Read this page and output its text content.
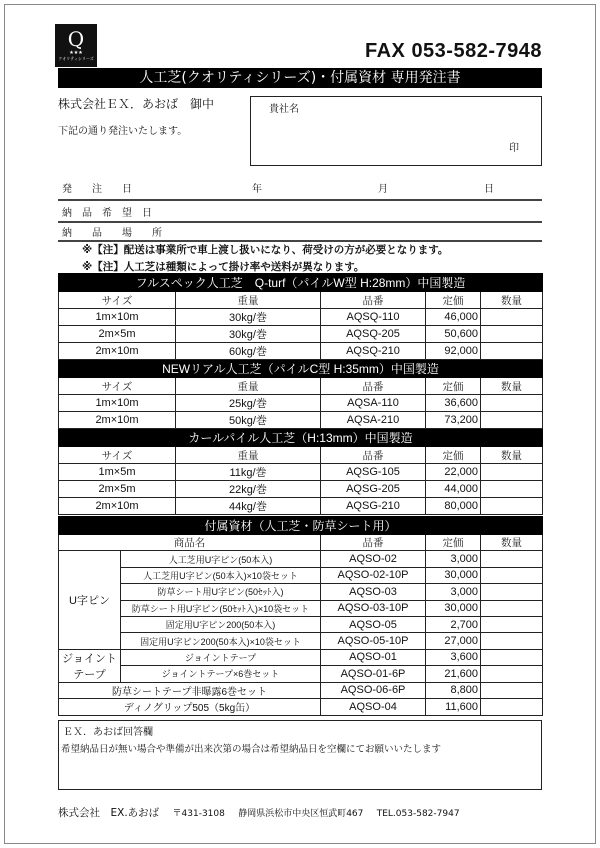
Q
★★★
クオリティシリーズ	FAX 053-582-7948
人工芝(クオリティシリーズ)・付属資材 専用発注書
株式会社ＥＸ．あおば　御中
下記の通り発注いたします。
貴社名
印
発　　注　　日	年	月	日
納　品　希　望　日
納　　品　　場　　所
※【注】配送は事業所で車上渡し扱いになり、荷受けの方が必要となります。
※【注】人工芝は種類によって掛け率や送料が異なります。
フルスペック人工芝　Q-turf（パイルW型 H:28mm）中国製造				
サイズ	重量	品番	定価	数量
1m×10m	30kg/巻	AQSQ-110	46,000	
2m×5m	30kg/巻	AQSQ-205	50,600	
2m×10m	60kg/巻	AQSQ-210	92,000	
NEWリアル人工芝（パイルC型 H:35mm）中国製造				
サイズ	重量	品番	定価	数量
1m×10m	25kg/巻	AQSA-110	36,600	
2m×10m	50kg/巻	AQSA-210	73,200	
カールパイル人工芝（H:13mm）中国製造				
サイズ	重量	品番	定価	数量
1m×5m	11kg/巻	AQSG-105	22,000	
2m×5m	22kg/巻	AQSG-205	44,000	
2m×10m	44kg/巻	AQSG-210	80,000	
付属資材（人工芝・防草シート用）				
商品名		品番	定価	数量
U字ピン	人工芝用U字ピン(50本入)	AQSO-02	3,000	
	人工芝用U字ピン(50本入)×10袋セット	AQSO-02-10P	30,000	
	防草シート用U字ピン(50ｾｯﾄ入)	AQSO-03	3,000	
	防草シート用U字ピン(50ｾｯﾄ入)×10袋セット	AQSO-03-10P	30,000	
	固定用U字ピン200(50本入)	AQSO-05	2,700	
	固定用U字ピン200(50本入)×10袋セット	AQSO-05-10P	27,000	
ジョイント	ジョイントテープ	AQSO-01	3,600	
テープ	ジョイントテープ×6巻セット	AQSO-01-6P	21,600	
防草シートテープ非曝露6巻セット		AQSO-06-6P	8,800	
ディノグリップ505（5kg缶）		AQSO-04	11,600	
ＥＸ．あおば回答欄
希望納品日が無い場合や準備が出来次第の場合は希望納品日を空欄にてお願いいたします
株式会社　EX.あおば 〒431-3108 静岡県浜松市中央区恒武町467 TEL.053-582-7947
